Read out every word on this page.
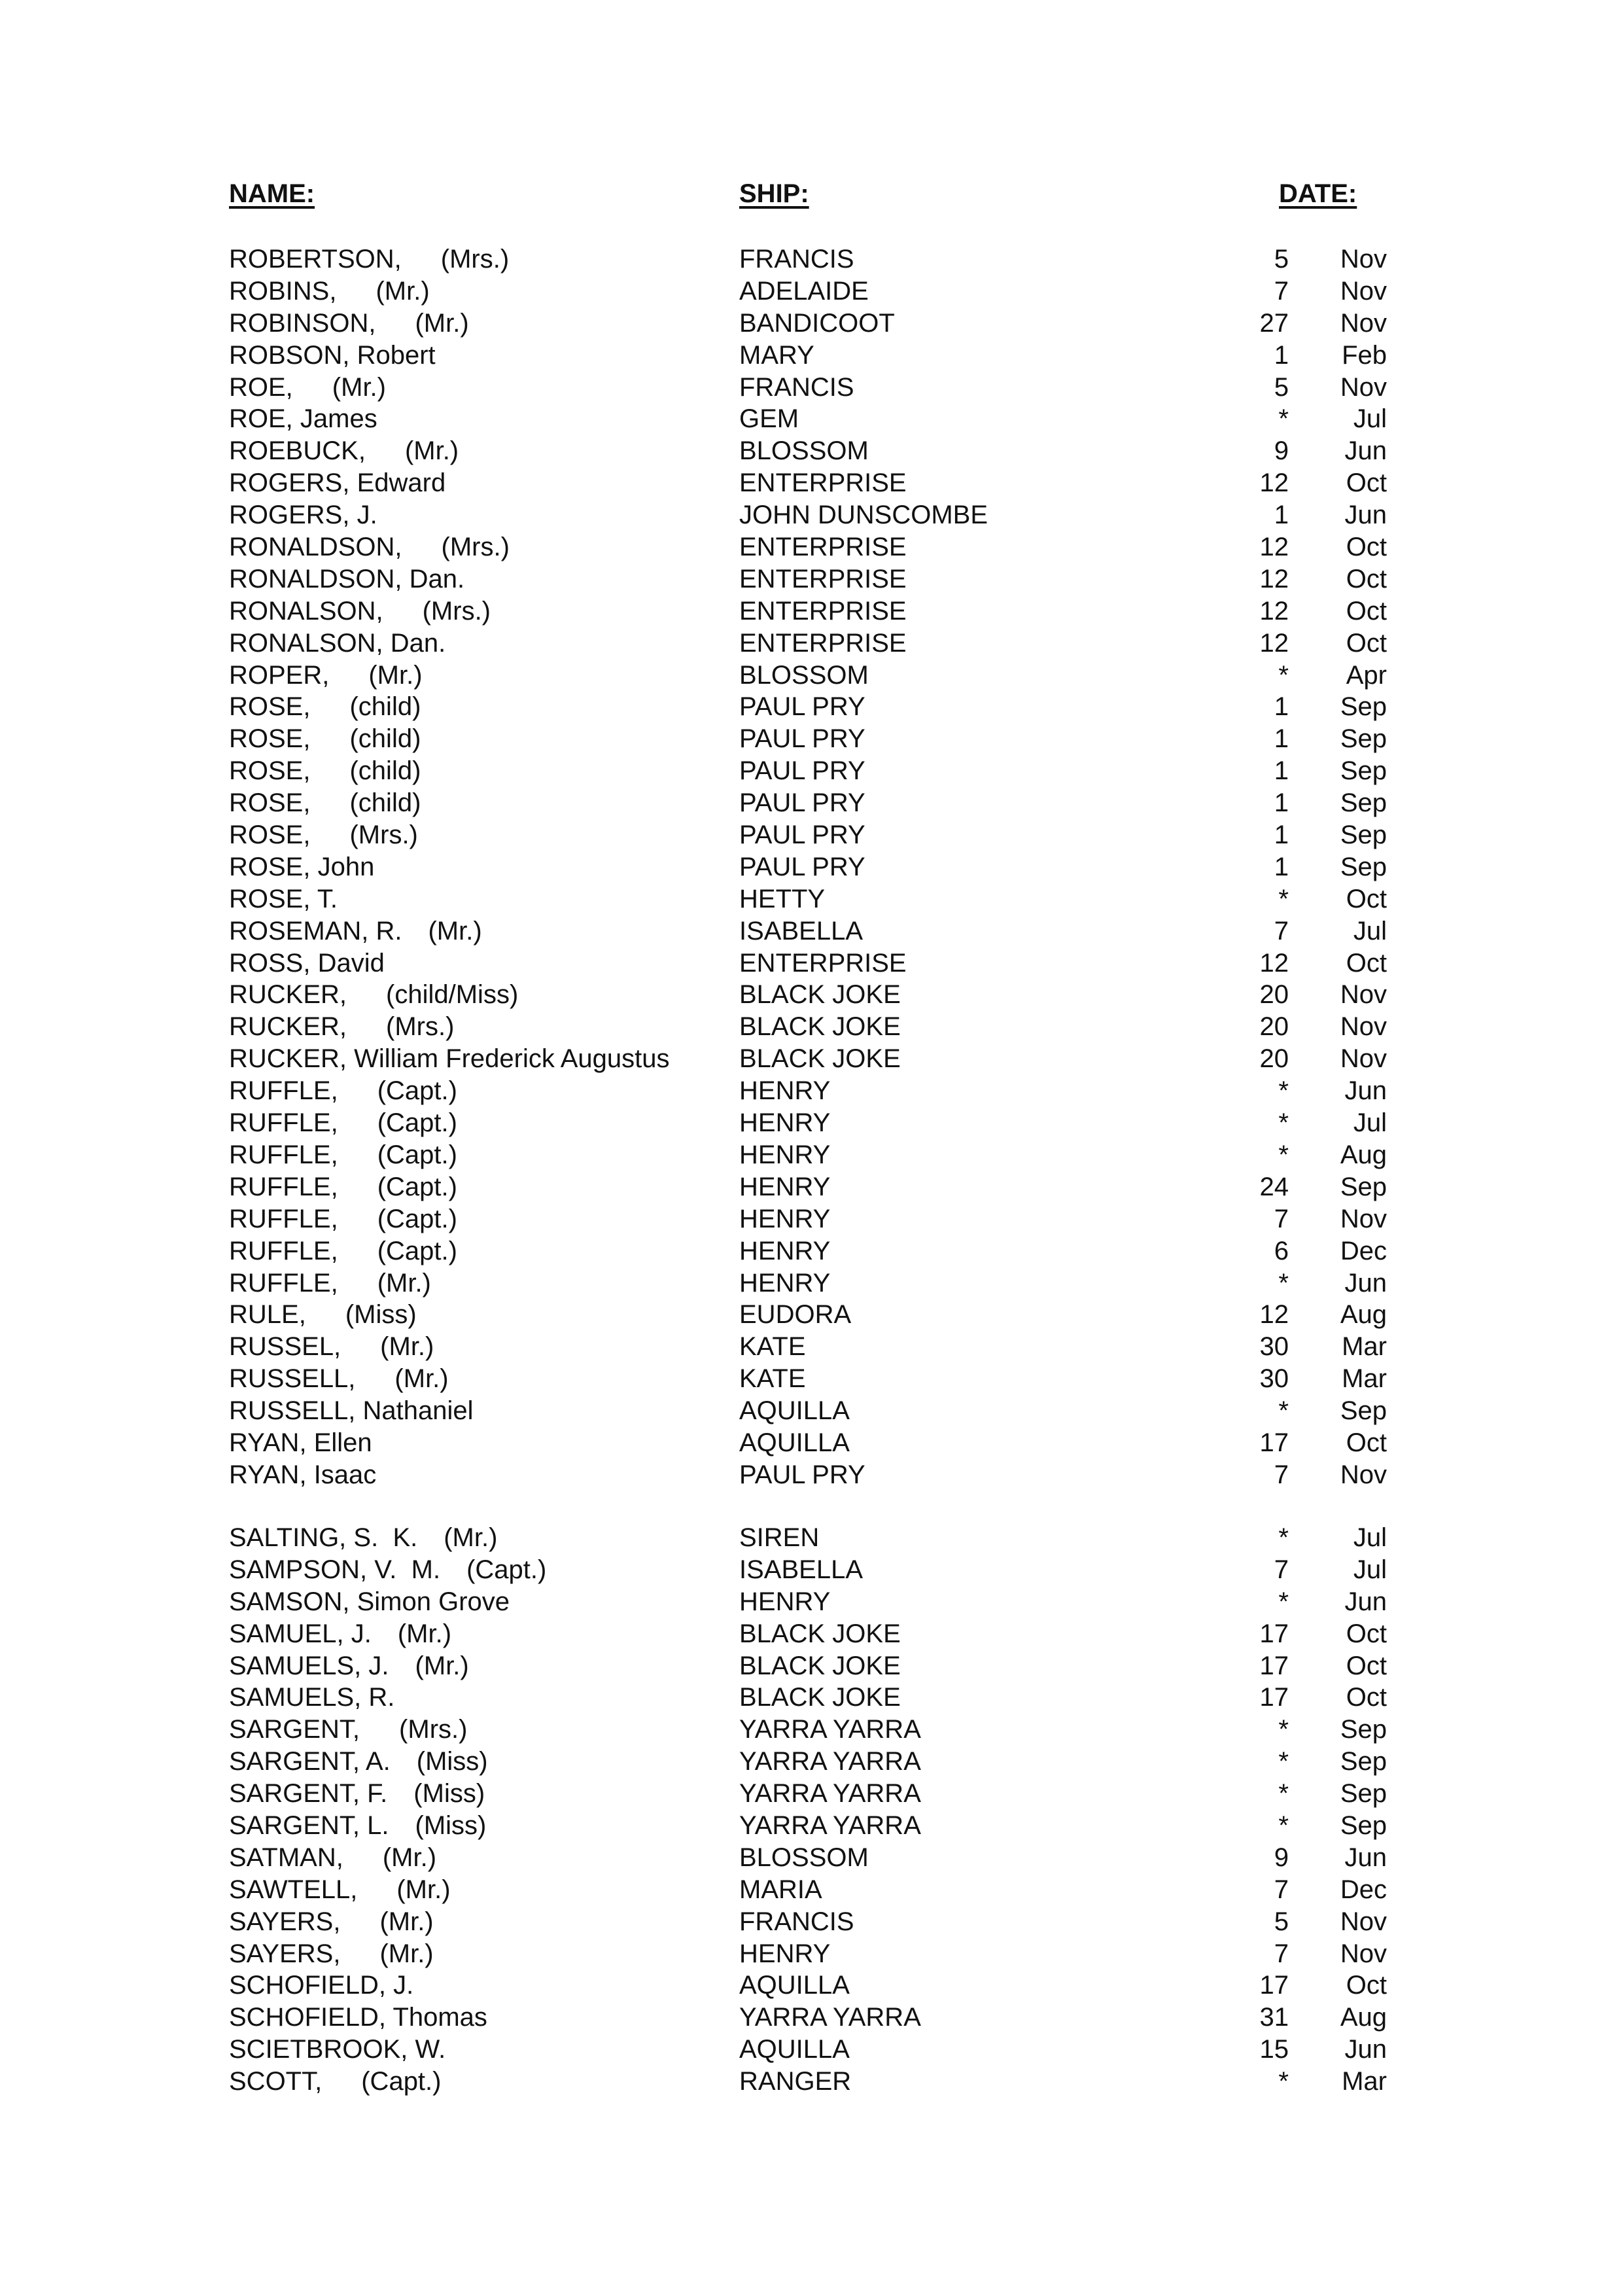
NAME:	SHIP:	DATE:
ROBERTSON, (Mrs.)	FRANCIS	5	Nov
ROBINS, (Mr.)	ADELAIDE	7	Nov
ROBINSON, (Mr.)	BANDICOOT	27	Nov
ROBSON, Robert	MARY	1	Feb
ROE, (Mr.)	FRANCIS	5	Nov
ROE, James	GEM	*	Jul
ROEBUCK, (Mr.)	BLOSSOM	9	Jun
ROGERS, Edward	ENTERPRISE	12	Oct
ROGERS, J.	JOHN DUNSCOMBE	1	Jun
RONALDSON, (Mrs.)	ENTERPRISE	12	Oct
RONALDSON, Dan.	ENTERPRISE	12	Oct
RONALSON, (Mrs.)	ENTERPRISE	12	Oct
RONALSON, Dan.	ENTERPRISE	12	Oct
ROPER, (Mr.)	BLOSSOM	*	Apr
ROSE, (child)	PAUL PRY	1	Sep
ROSE, (child)	PAUL PRY	1	Sep
ROSE, (child)	PAUL PRY	1	Sep
ROSE, (child)	PAUL PRY	1	Sep
ROSE, (Mrs.)	PAUL PRY	1	Sep
ROSE, John	PAUL PRY	1	Sep
ROSE, T.	HETTY	*	Oct
ROSEMAN, R. (Mr.)	ISABELLA	7	Jul
ROSS, David	ENTERPRISE	12	Oct
RUCKER, (child/Miss)	BLACK JOKE	20	Nov
RUCKER, (Mrs.)	BLACK JOKE	20	Nov
RUCKER, William Frederick Augustus	BLACK JOKE	20	Nov
RUFFLE, (Capt.)	HENRY	*	Jun
RUFFLE, (Capt.)	HENRY	*	Jul
RUFFLE, (Capt.)	HENRY	*	Aug
RUFFLE, (Capt.)	HENRY	24	Sep
RUFFLE, (Capt.)	HENRY	7	Nov
RUFFLE, (Capt.)	HENRY	6	Dec
RUFFLE, (Mr.)	HENRY	*	Jun
RULE, (Miss)	EUDORA	12	Aug
RUSSEL, (Mr.)	KATE	30	Mar
RUSSELL, (Mr.)	KATE	30	Mar
RUSSELL, Nathaniel	AQUILLA	*	Sep
RYAN, Ellen	AQUILLA	17	Oct
RYAN, Isaac	PAUL PRY	7	Nov
SALTING, S.  K. (Mr.)	SIREN	*	Jul
SAMPSON, V.  M. (Capt.)	ISABELLA	7	Jul
SAMSON, Simon Grove	HENRY	*	Jun
SAMUEL, J. (Mr.)	BLACK JOKE	17	Oct
SAMUELS, J. (Mr.)	BLACK JOKE	17	Oct
SAMUELS, R.	BLACK JOKE	17	Oct
SARGENT, (Mrs.)	YARRA YARRA	*	Sep
SARGENT, A. (Miss)	YARRA YARRA	*	Sep
SARGENT, F. (Miss)	YARRA YARRA	*	Sep
SARGENT, L. (Miss)	YARRA YARRA	*	Sep
SATMAN, (Mr.)	BLOSSOM	9	Jun
SAWTELL, (Mr.)	MARIA	7	Dec
SAYERS, (Mr.)	FRANCIS	5	Nov
SAYERS, (Mr.)	HENRY	7	Nov
SCHOFIELD, J.	AQUILLA	17	Oct
SCHOFIELD, Thomas	YARRA YARRA	31	Aug
SCIETBROOK, W.	AQUILLA	15	Jun
SCOTT, (Capt.)	RANGER	*	Mar
